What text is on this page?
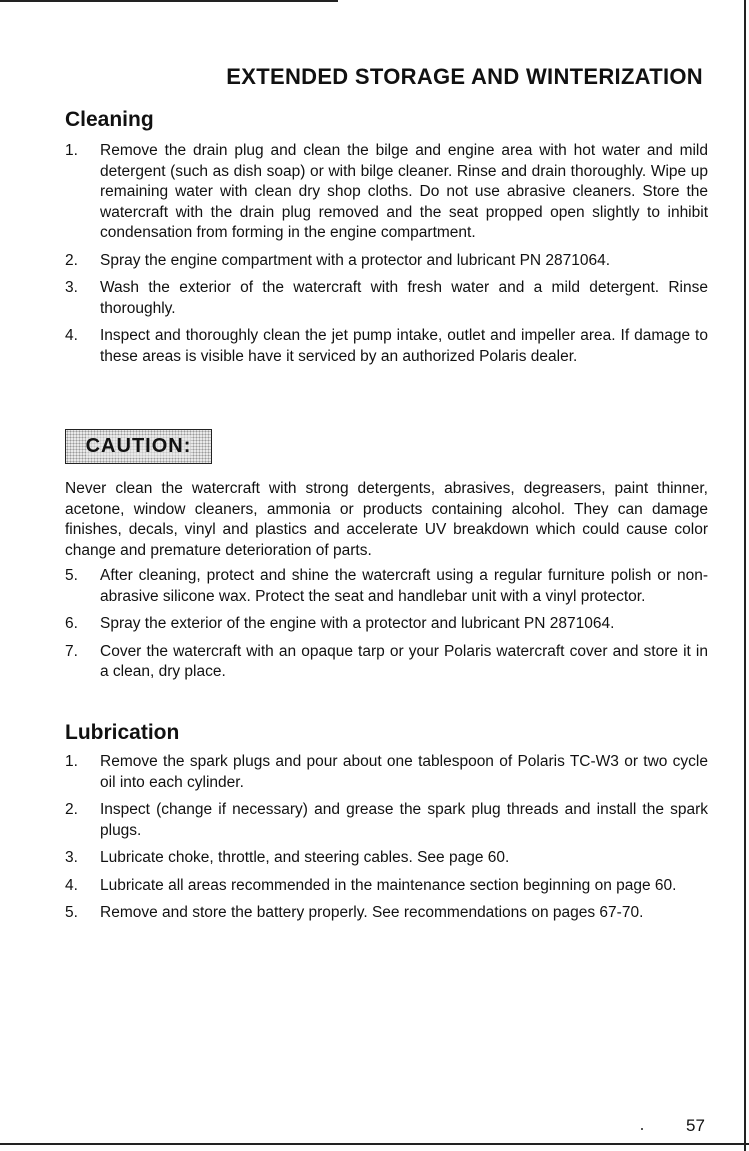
EXTENDED STORAGE AND WINTERIZATION
Cleaning
1.	Remove the drain plug and clean the bilge and engine area with hot water and mild detergent (such as dish soap) or with bilge cleaner. Rinse and drain thoroughly. Wipe up remaining water with clean dry shop cloths. Do not use abrasive cleaners. Store the watercraft with the drain plug removed and the seat propped open slightly to inhibit condensation from forming in the engine compartment.
2.	Spray the engine compartment with a protector and lubricant PN 2871064.
3.	Wash the exterior of the watercraft with fresh water and a mild detergent. Rinse thoroughly.
4.	Inspect and thoroughly clean the jet pump intake, outlet and impeller area. If damage to these areas is visible have it serviced by an authorized Polaris dealer.
CAUTION:

Never clean the watercraft with strong detergents, abrasives, degreasers, paint thinner, acetone, window cleaners, ammonia or products containing alcohol. They can damage finishes, decals, vinyl and plastics and accelerate UV breakdown which could cause color change and premature deterioration of parts.

5.	After cleaning, protect and shine the watercraft using a regular furniture polish or non-abrasive silicone wax. Protect the seat and handlebar unit with a vinyl protector.
6.	Spray the exterior of the engine with a protector and lubricant PN 2871064.
7.	Cover the watercraft with an opaque tarp or your Polaris watercraft cover and store it in a clean, dry place.
Lubrication
1.	Remove the spark plugs and pour about one tablespoon of Polaris TC-W3 or two cycle oil into each cylinder.
2.	Inspect (change if necessary) and grease the spark plug threads and install the spark plugs.
3.	Lubricate choke, throttle, and steering cables. See page 60.
4.	Lubricate all areas recommended in the maintenance section beginning on page 60.
5.	Remove and store the battery properly. See recommendations on pages 67-70.
57
